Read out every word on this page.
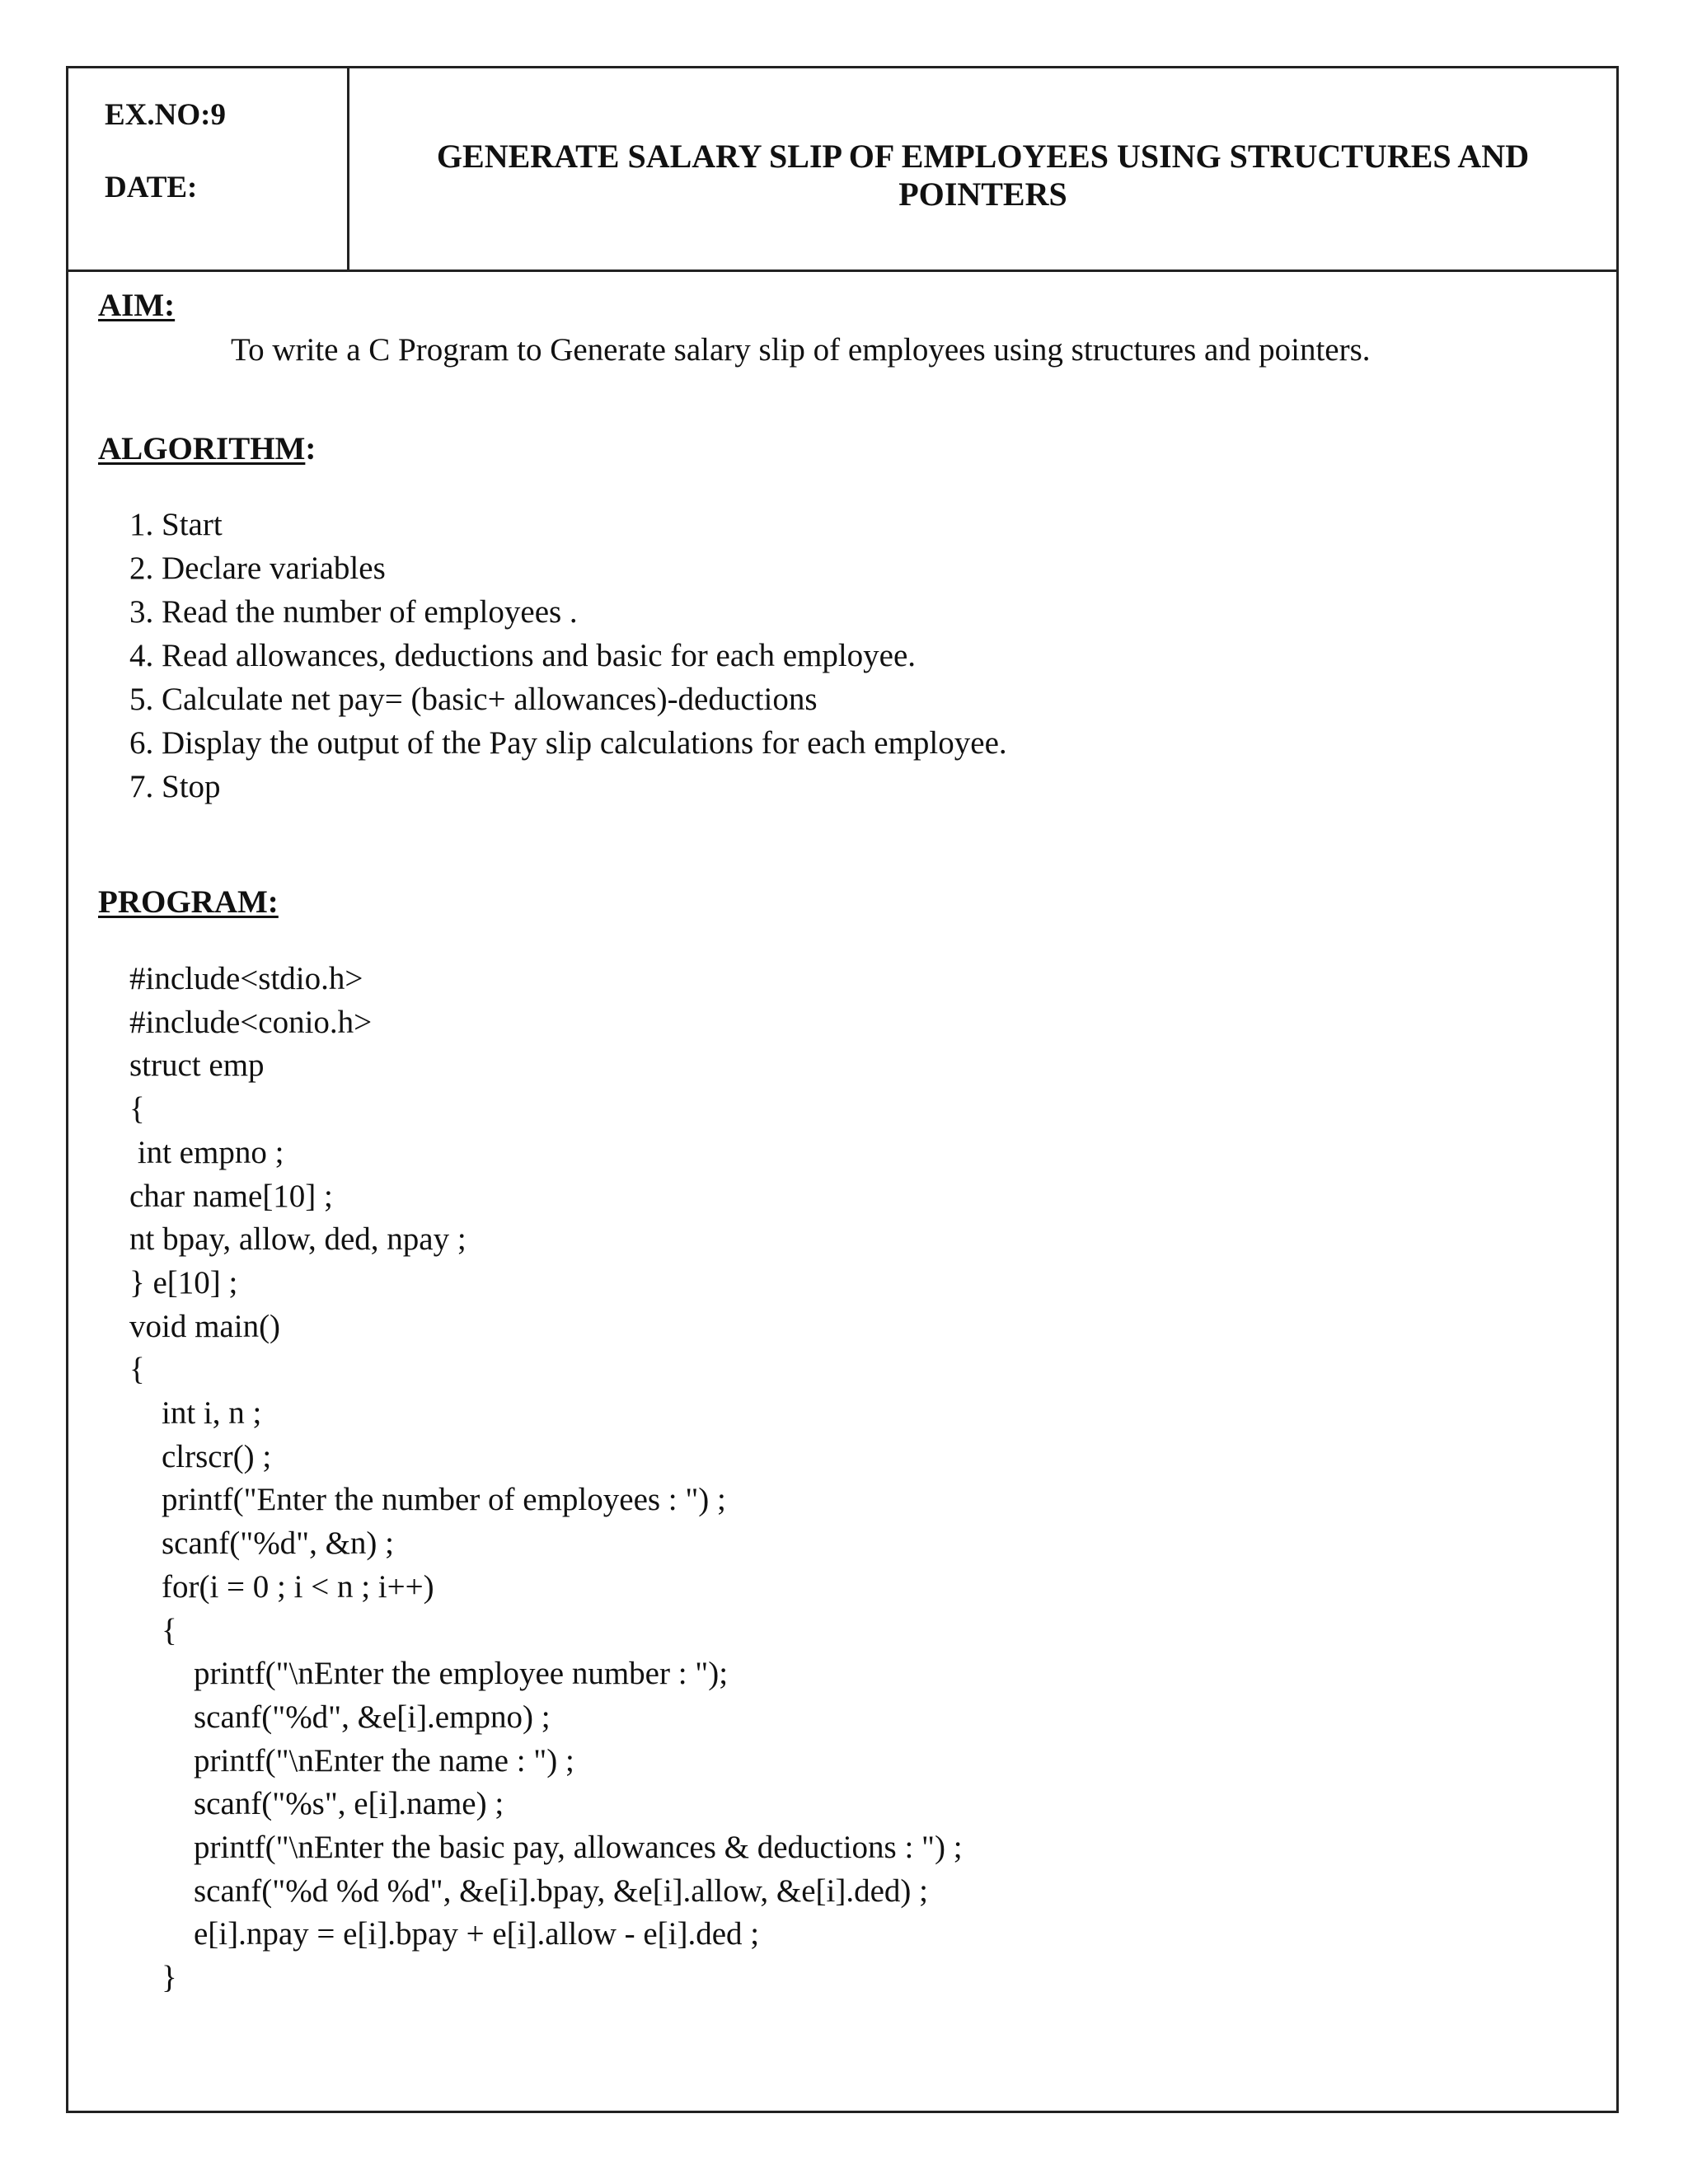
EX.NO:9
DATE:
GENERATE SALARY SLIP OF EMPLOYEES USING STRUCTURES AND POINTERS
AIM:
To write a C Program to Generate salary slip of employees using structures and pointers.
ALGORITHM:
1. Start
2. Declare variables
3. Read the number of employees .
4. Read allowances, deductions and basic for each employee.
5. Calculate net pay= (basic+ allowances)-deductions
6. Display the output of the Pay slip calculations for each employee.
7. Stop
PROGRAM:
#include<stdio.h>
#include<conio.h>
struct emp
{
int empno ;
char name[10] ;
nt bpay, allow, ded, npay ;
} e[10] ;
void main()
{
int i, n ;
clrscr() ;
printf("Enter the number of employees : ") ;
scanf("%d", &n) ;
for(i = 0 ; i < n ; i++)
{
printf("\nEnter the employee number : ");
scanf("%d", &e[i].empno) ;
printf("\nEnter the name : ") ;
scanf("%s", e[i].name) ;
printf("\nEnter the basic pay, allowances & deductions : ") ;
scanf("%d %d %d", &e[i].bpay, &e[i].allow, &e[i].ded) ;
e[i].npay = e[i].bpay + e[i].allow - e[i].ded ;
}
